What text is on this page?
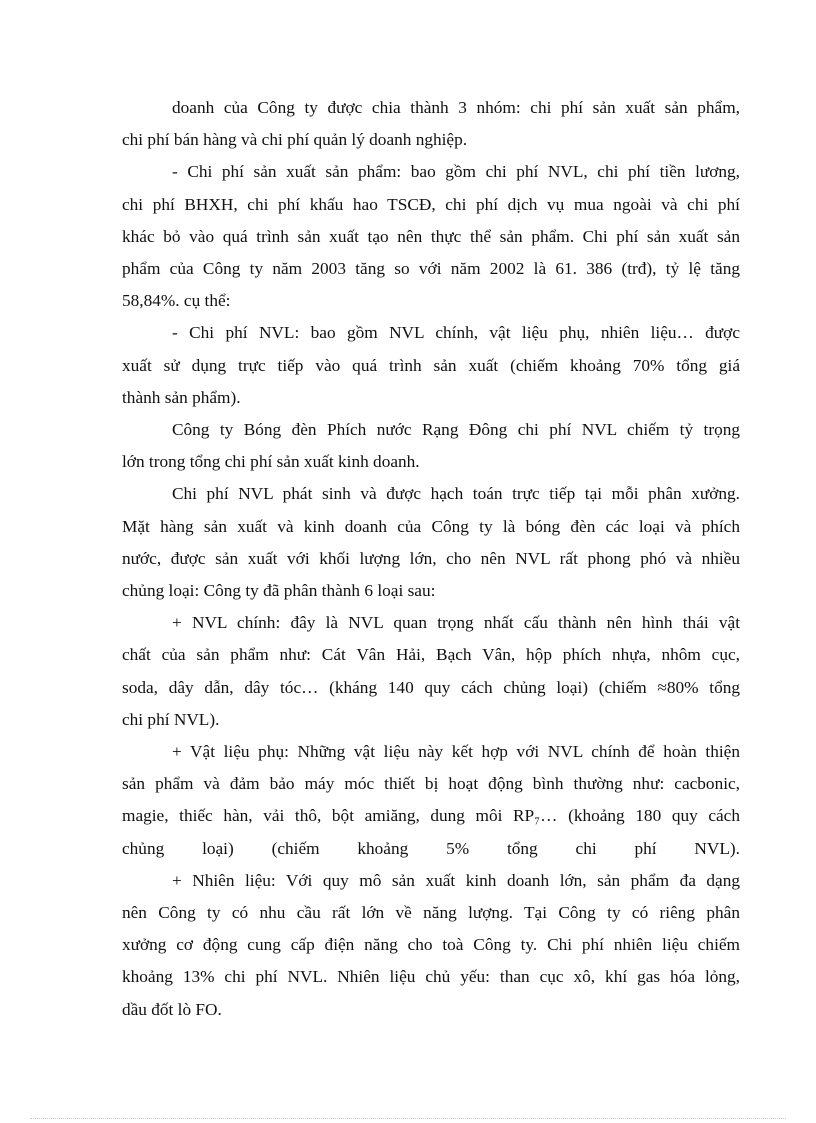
doanh của Công ty được chia thành 3 nhóm: chi phí sản xuất sản phẩm,
chi phí bán hàng và chi phí quản lý doanh nghiệp.
- Chi phí sản xuất sản phẩm: bao gồm chi phí NVL, chi phí tiền lương,
chi phí BHXH, chi phí khấu hao TSCĐ, chi phí dịch vụ mua ngoài và chi phí
khác bỏ vào quá trình sản xuất tạo nên thực thể sản phẩm. Chi phí sản xuất sản
phẩm của Công ty năm 2003 tăng so với năm 2002 là 61. 386 (trđ), tỷ lệ tăng
58,84%. cụ thể:
- Chi phí NVL: bao gồm NVL chính, vật liệu phụ, nhiên liệu… được
xuất sử dụng trực tiếp vào quá trình sản xuất (chiếm khoảng 70% tổng giá
thành sản phẩm).
Công ty Bóng đèn Phích nước Rạng Đông chi phí NVL chiếm tỷ trọng
lớn trong tổng chi phí sản xuất kinh doanh.
Chi phí NVL phát sinh và được hạch toán trực tiếp tại mỗi phân xưởng.
Mặt hàng sản xuất và kinh doanh của Công ty là bóng đèn các loại và phích
nước, được sản xuất với khối lượng lớn, cho nên NVL rất phong phó và nhiều
chủng loại: Công ty đã phân thành 6 loại sau:
+ NVL chính: đây là NVL quan trọng nhất cấu thành nên hình thái vật
chất của sản phẩm như: Cát Vân Hải, Bạch Vân, hộp phích nhựa, nhôm cục,
soda, dây dẫn, dây tóc… (kháng 140 quy cách chủng loại) (chiếm ≈80% tổng
chi phí NVL).
+ Vật liệu phụ: Những vật liệu này kết hợp với NVL chính để hoàn thiện
sản phẩm và đảm bảo máy móc thiết bị hoạt động bình thường như: cacbonic,
magie, thiếc hàn, vải thô, bột amiăng, dung môi RP₇… (khoảng 180 quy cách
chủng loại) (chiếm khoảng 5% tổng chi phí NVL).
+ Nhiên liệu: Với quy mô sản xuất kinh doanh lớn, sản phẩm đa dạng
nên Công ty có nhu cầu rất lớn về năng lượng. Tại Công ty có riêng phân
xưởng cơ động cung cấp điện năng cho toà Công ty. Chi phí nhiên liệu chiếm
khoảng 13% chi phí NVL. Nhiên liệu chủ yếu: than cục xô, khí gas hóa lỏng,
dầu đốt lò FO.
